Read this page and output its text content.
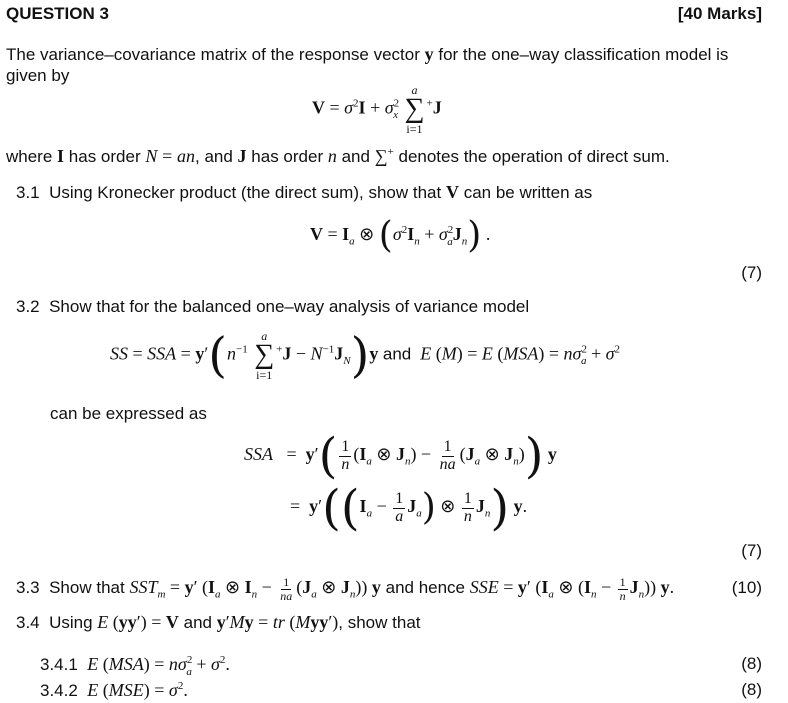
QUESTION 3	[40 Marks]
The variance–covariance matrix of the response vector y for the one–way classification model is
given by
$V = \sigma^2I + \sigma^2_x$
a
∑
i=1
+J
where I has order N = an, and J has order n and ∑+ denotes the operation of direct sum.
3.1 Using Kronecker product (the direct sum), show that V can be written as
$V = I_a$ ⊗ $(\sigma^2I_n + \sigma^2_aJ_n)$ .
(7)
3.2 Show that for the balanced one–way analysis of variance model
SS = SSA = $y'(n^{-1}$
a
∑
i=1
$^+J - N^{-1}J_N)y$ and E (M) = E $(MSA) = n\sigma^2_a + \sigma^2$
can be expressed as
SSA   =  $y'( \frac{1}{n} (I_a$ ⊗ $J_n) - \frac{1}{na} (J_a$ ⊗ $J_n$)) y
=  $y'((I_a - \frac{1}{a} J_a)$ ⊗ $\frac{1}{n} J_n$) y.
(7)
3.3 Show that $SST_m = y'$ ($I_a$ ⊗ $I_n - \frac{1}{na} (J_a$ ⊗ $J_n$)) y and hence SSE = y′ ($I_a$ ⊗ $(I_n - \frac{1}{n} J_n)$) y.	(10)
3.4 Using E (yy′) = V and y′My = tr (Myy′), show that
3.4.1 E $(MSA) = n\sigma^2_a + \sigma^2$.	(8)
3.4.2 E $(MSE) = \sigma^2$.	(8)
